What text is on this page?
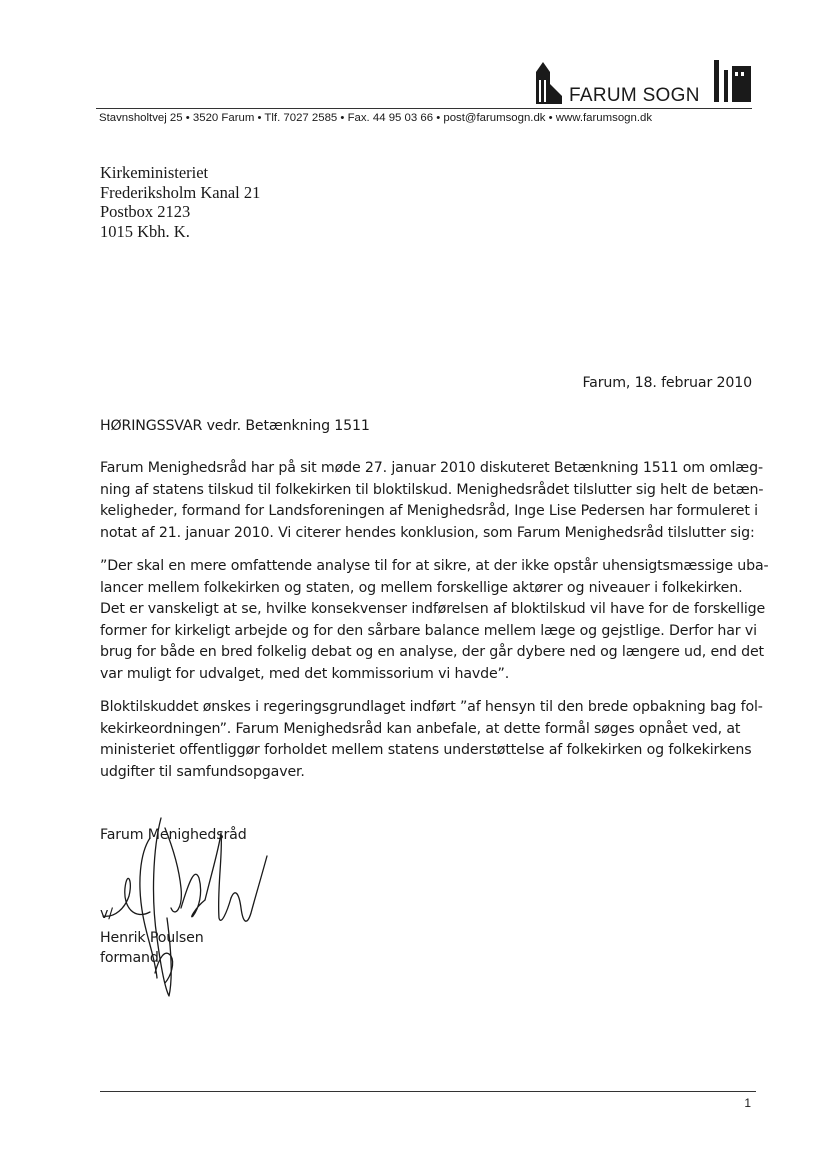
FARUM SOGN
Stavnsholtvej 25 • 3520 Farum • Tlf. 7027 2585 • Fax. 44 95 03 66 • post@farumsogn.dk • www.farumsogn.dk
Kirkeministeriet
Frederiksholm Kanal 21
Postbox 2123
1015 Kbh. K.
Farum, 18. februar 2010
HØRINGSSVAR vedr. Betænkning 1511
Farum Menighedsråd har på sit møde 27. januar 2010 diskuteret Betænkning 1511 om omlæg-
ning af statens tilskud til folkekirken til bloktilskud. Menighedsrådet tilslutter sig helt de betæn-
keligheder, formand for Landsforeningen af Menighedsråd, Inge Lise Pedersen har formuleret i
notat af 21. januar 2010. Vi citerer hendes konklusion, som Farum Menighedsråd tilslutter sig:
”Der skal en mere omfattende analyse til for at sikre, at der ikke opstår uhensigtsmæssige uba-
lancer mellem folkekirken og staten, og mellem forskellige aktører og niveauer i folkekirken.
Det er vanskeligt at se, hvilke konsekvenser indførelsen af bloktilskud vil have for de forskellige
former for kirkeligt arbejde og for den sårbare balance mellem læge og gejstlige. Derfor har vi
brug for både en bred folkelig debat og en analyse, der går dybere ned og længere ud, end det
var muligt for udvalget, med det kommissorium vi havde”.
Bloktilskuddet ønskes i regeringsgrundlaget indført ”af hensyn til den brede opbakning bag fol-
kekirkeordningen”. Farum Menighedsråd kan anbefale, at dette formål søges opnået ved, at
ministeriet offentliggør forholdet mellem statens understøttelse af folkekirken og folkekirkens
udgifter til samfundsopgaver.
Farum Menighedsråd
v/
Henrik Poulsen
formand
1
